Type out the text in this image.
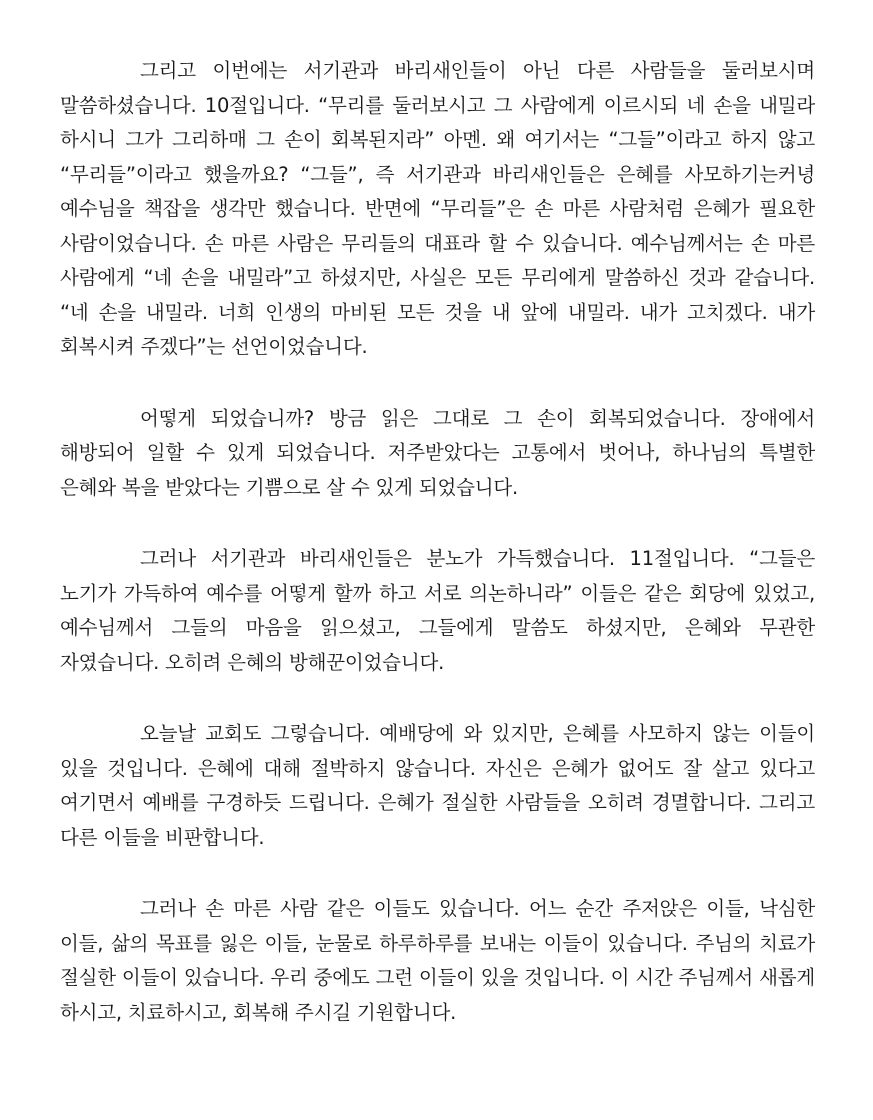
그리고 이번에는 서기관과 바리새인들이 아닌 다른 사람들을 둘러보시며 말씀하셨습니다. 10절입니다. “무리를 둘러보시고 그 사람에게 이르시되 네 손을 내밀라 하시니 그가 그리하매 그 손이 회복된지라” 아멘. 왜 여기서는 “그들”이라고 하지 않고 “무리들”이라고 했을까요? “그들”, 즉 서기관과 바리새인들은 은혜를 사모하기는커녕 예수님을 책잡을 생각만 했습니다. 반면에 “무리들”은 손 마른 사람처럼 은혜가 필요한 사람이었습니다. 손 마른 사람은 무리들의 대표라 할 수 있습니다. 예수님께서는 손 마른 사람에게 “네 손을 내밀라”고 하셨지만, 사실은 모든 무리에게 말씀하신 것과 같습니다. “네 손을 내밀라. 너희 인생의 마비된 모든 것을 내 앞에 내밀라. 내가 고치겠다. 내가 회복시켜 주겠다”는 선언이었습니다.

어떻게 되었습니까? 방금 읽은 그대로 그 손이 회복되었습니다. 장애에서 해방되어 일할 수 있게 되었습니다. 저주받았다는 고통에서 벗어나, 하나님의 특별한 은혜와 복을 받았다는 기쁨으로 살 수 있게 되었습니다.

그러나 서기관과 바리새인들은 분노가 가득했습니다. 11절입니다. “그들은 노기가 가득하여 예수를 어떻게 할까 하고 서로 의논하니라” 이들은 같은 회당에 있었고, 예수님께서 그들의 마음을 읽으셨고, 그들에게 말씀도 하셨지만, 은혜와 무관한 자였습니다. 오히려 은혜의 방해꾼이었습니다.

오늘날 교회도 그렇습니다. 예배당에 와 있지만, 은혜를 사모하지 않는 이들이 있을 것입니다. 은혜에 대해 절박하지 않습니다. 자신은 은혜가 없어도 잘 살고 있다고 여기면서 예배를 구경하듯 드립니다. 은혜가 절실한 사람들을 오히려 경멸합니다. 그리고 다른 이들을 비판합니다.

그러나 손 마른 사람 같은 이들도 있습니다. 어느 순간 주저앉은 이들, 낙심한 이들, 삶의 목표를 잃은 이들, 눈물로 하루하루를 보내는 이들이 있습니다. 주님의 치료가 절실한 이들이 있습니다. 우리 중에도 그런 이들이 있을 것입니다. 이 시간 주님께서 새롭게 하시고, 치료하시고, 회복해 주시길 기원합니다.
